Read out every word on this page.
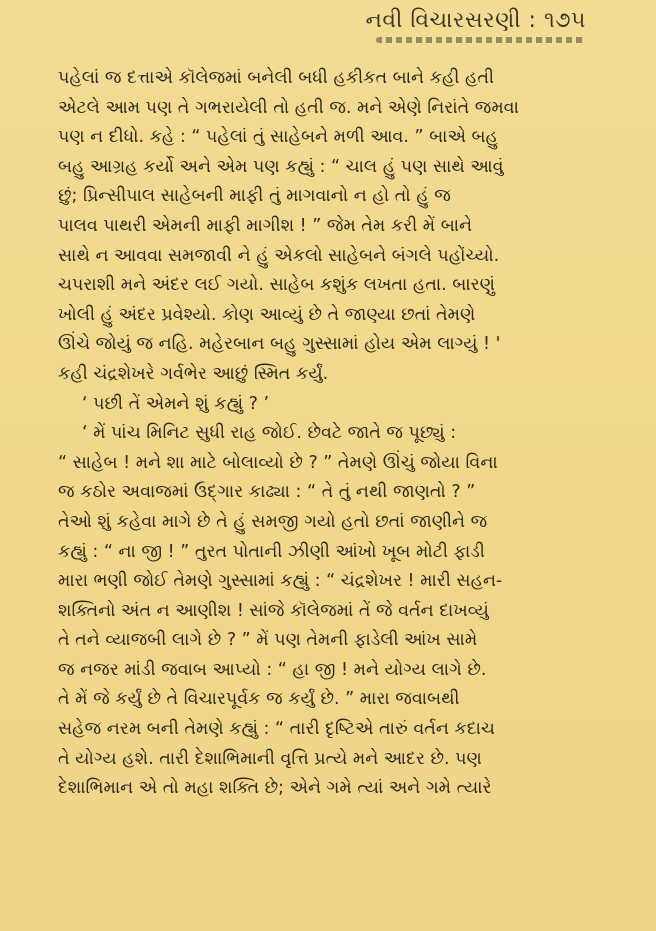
નવી વિચારસરણી : ૧૭૫
પહેલાં જ દત્તાએ કૉલેજમાં બનેલી બધી હકીકત બાને કહી હતી
એટલે આમ પણ તે ગભરાયેલી તો હતી જ. મને એણે નિરાંતે જમવા
પણ ન દીધો. કહે : “ પહેલાં તું સાહેબને મળી આવ. ” બાએ બહુ
બહુ આગ્રહ કર્યો અને એમ પણ કહ્યું : “ ચાલ હું પણ સાથે આવું
છું; પ્રિન્સીપાલ સાહેબની માફી તું માગવાનો ન હો તો હું જ
પાલવ પાથરી એમની માફી માગીશ ! ” જેમ તેમ કરી મેં બાને
સાથે ન આવવા સમજાવી ને હું એકલો સાહેબને બંગલે પહોંચ્યો.
ચપરાશી મને અંદર લઈ ગયો. સાહેબ કશુંક લખતા હતા. બારણું
ખોલી હું અંદર પ્રવેશ્યો. કોણ આવ્યું છે તે જાણ્યા છતાં તેમણે
ઊંચે જોયું જ નહિ. મહેરબાન બહુ ગુસ્સામાં હોય એમ લાગ્યું ! '
કહી ચંદ્રશેખરે ગર્વભેર આછું સ્મિત કર્યું.
‘ પછી તેં એમને શું કહ્યું ? ’
‘ મેં પાંચ મિનિટ સુધી રાહ જોઈ. છેવટે જાતે જ પૂછ્યું :
“ સાહેબ ! મને શા માટે બોલાવ્યો છે ? ” તેમણે ઊંચું જોયા વિના
જ કઠોર અવાજમાં ઉદ્ગાર કાઢ્યા : “ તે તું નથી જાણતો ? ”
તેઓ શું કહેવા માગે છે તે હું સમજી ગયો હતો છતાં જાણીને જ
કહ્યું : “ ના જી ! ” તુરત પોતાની ઝીણી આંખો ખૂબ મોટી ફાડી
મારા ભણી જોઈ તેમણે ગુસ્સામાં કહ્યું : “ ચંદ્રશેખર ! મારી સહન-
શક્તિનો અંત ન આણીશ ! સાંજે કૉલેજમાં તેં જે વર્તન દાખવ્યું
તે તને વ્યાજબી લાગે છે ? ” મેં પણ તેમની ફાડેલી આંખ સામે
જ નજર માંડી જવાબ આપ્યો : “ હા જી ! મને યોગ્ય લાગે છે.
તે મેં જે કર્યું છે તે વિચારપૂર્વક જ કર્યું છે. ” મારા જવાબથી
સહેજ નરમ બની તેમણે કહ્યું : “ તારી દૃષ્ટિએ તારું વર્તન કદાચ
તે યોગ્ય હશે. તારી દેશાભિમાની વૃત્તિ પ્રત્યે મને આદર છે. પણ
દેશાભિમાન એ તો મહા શક્તિ છે; એને ગમે ત્યાં અને ગમે ત્યારે
